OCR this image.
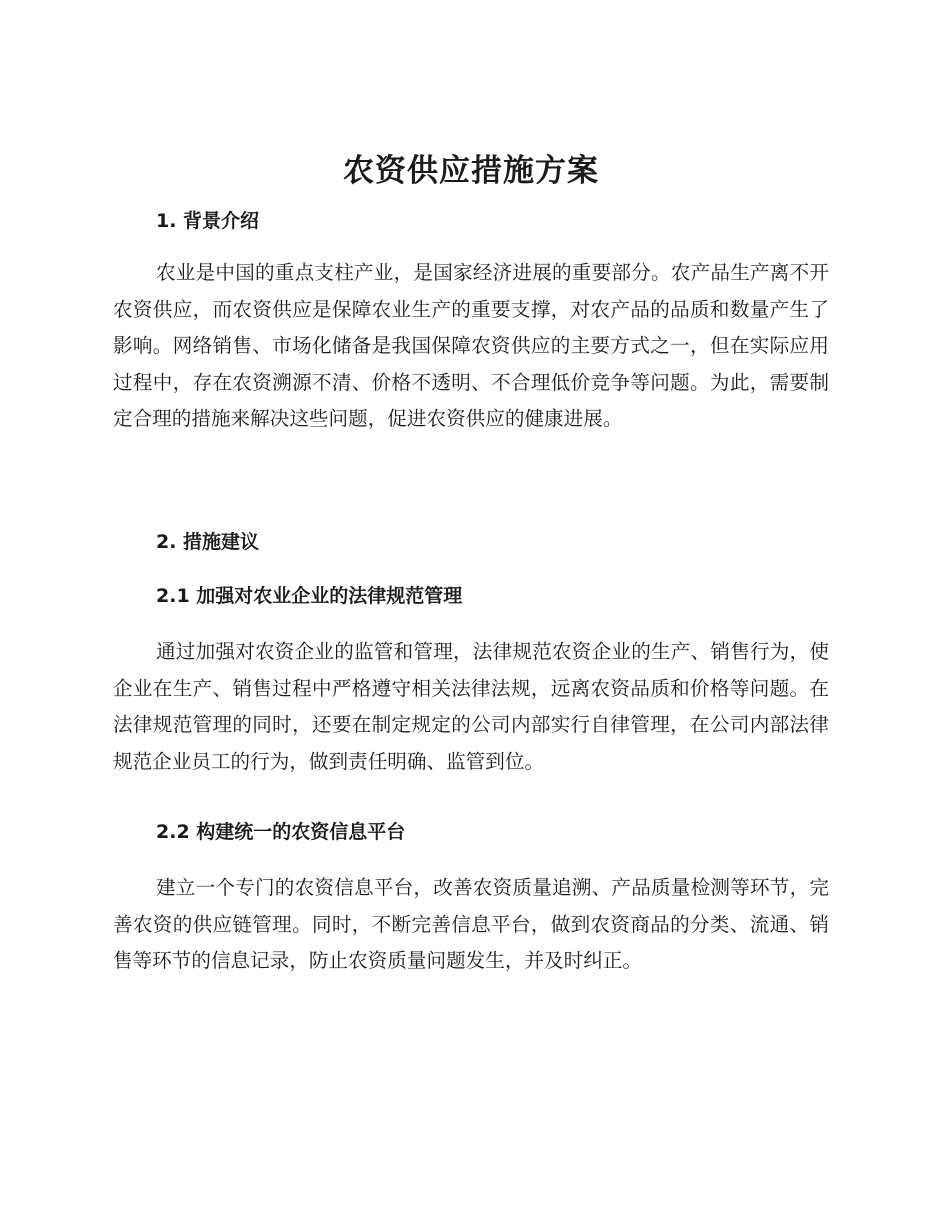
农资供应措施方案
1. 背景介绍

农业是中国的重点支柱产业，是国家经济进展的重要部分。农产品生产离不开农资供应，而农资供应是保障农业生产的重要支撑，对农产品的品质和数量产生了影响。网络销售、市场化储备是我国保障农资供应的主要方式之一，但在实际应用过程中，存在农资溯源不清、价格不透明、不合理低价竞争等问题。为此，需要制定合理的措施来解决这些问题，促进农资供应的健康进展。

2. 措施建议
2.1 加强对农业企业的法律规范管理

通过加强对农资企业的监管和管理，法律规范农资企业的生产、销售行为，使企业在生产、销售过程中严格遵守相关法律法规，远离农资品质和价格等问题。在法律规范管理的同时，还要在制定规定的公司内部实行自律管理，在公司内部法律规范企业员工的行为，做到责任明确、监管到位。

2.2 构建统一的农资信息平台

建立一个专门的农资信息平台，改善农资质量追溯、产品质量检测等环节，完善农资的供应链管理。同时，不断完善信息平台，做到农资商品的分类、流通、销售等环节的信息记录，防止农资质量问题发生，并及时纠正。
